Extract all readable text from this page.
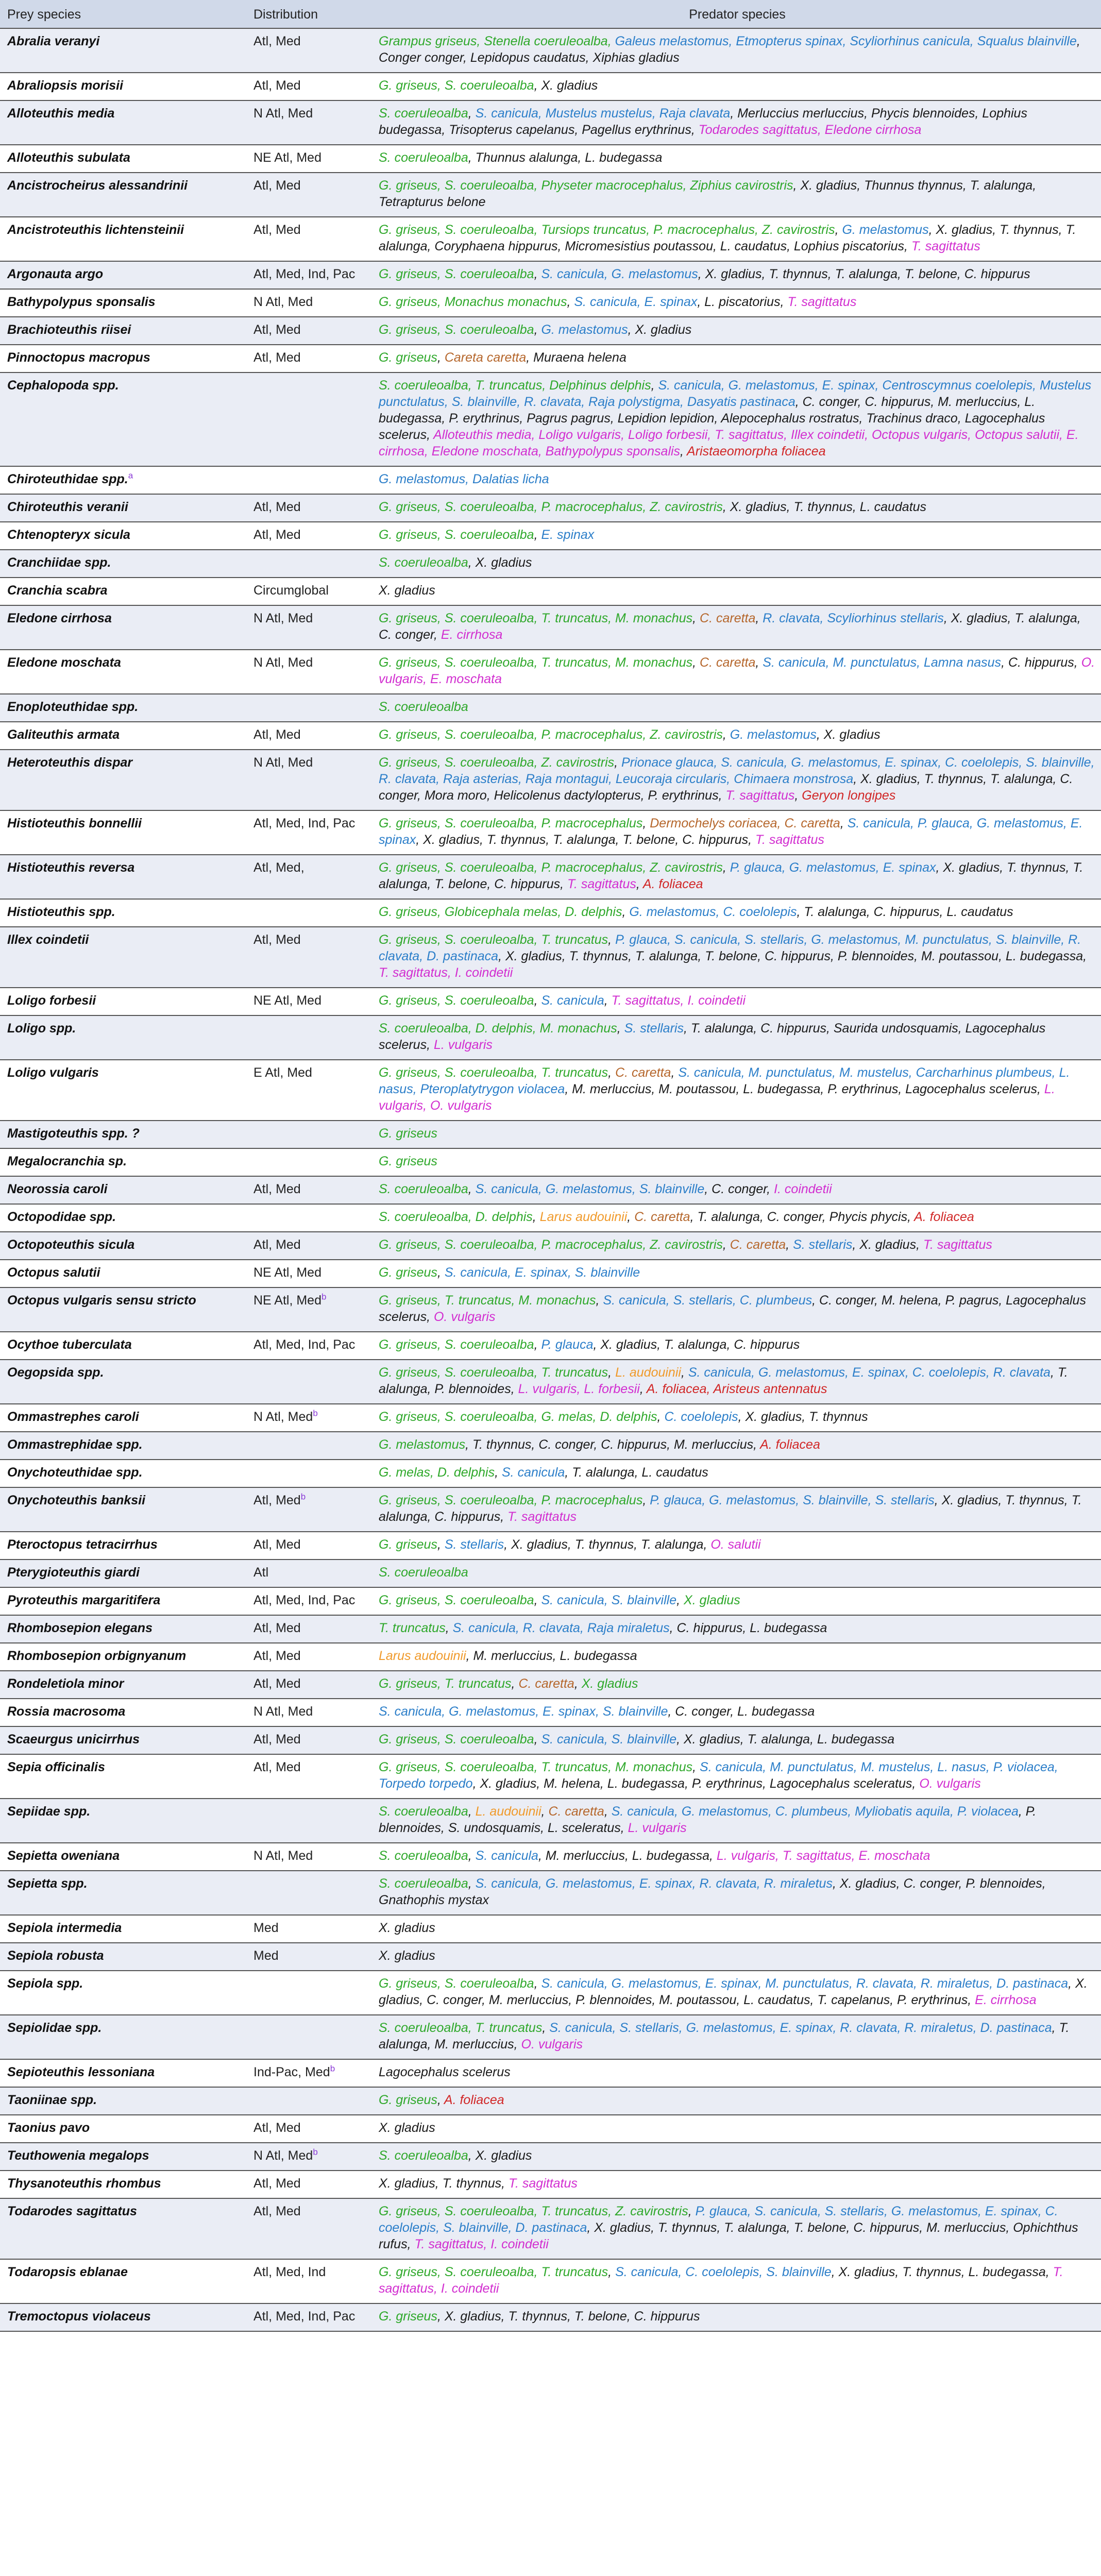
Prey species	Distribution	Predator species
Abralia veranyi	Atl, Med	Grampus griseus, Stenella coeruleoalba, Galeus melastomus, Etmopterus spinax, Scyliorhinus canicula, Squalus blainville, Conger conger, Lepidopus caudatus, Xiphias gladius
Abraliopsis morisii	Atl, Med	G. griseus, S. coeruleoalba, X. gladius
Alloteuthis media	N Atl, Med	S. coeruleoalba, S. canicula, Mustelus mustelus, Raja clavata, Merluccius merluccius, Phycis blennoides, Lophius budegassa, Trisopterus capelanus, Pagellus erythrinus, Todarodes sagittatus, Eledone cirrhosa
Alloteuthis subulata	NE Atl, Med	S. coeruleoalba, Thunnus alalunga, L. budegassa
Ancistrocheirus alessandrinii	Atl, Med	G. griseus, S. coeruleoalba, Physeter macrocephalus, Ziphius cavirostris, X. gladius, Thunnus thynnus, T. alalunga, Tetrapturus belone
Ancistroteuthis lichtensteinii	Atl, Med	G. griseus, S. coeruleoalba, Tursiops truncatus, P. macrocephalus, Z. cavirostris, G. melastomus, X. gladius, T. thynnus, T. alalunga, Coryphaena hippurus, Micromesistius poutassou, L. caudatus, Lophius piscatorius, T. sagittatus
Argonauta argo	Atl, Med, Ind, Pac	G. griseus, S. coeruleoalba, S. canicula, G. melastomus, X. gladius, T. thynnus, T. alalunga, T. belone, C. hippurus
Bathypolypus sponsalis	N Atl, Med	G. griseus, Monachus monachus, S. canicula, E. spinax, L. piscatorius, T. sagittatus
Brachioteuthis riisei	Atl, Med	G. griseus, S. coeruleoalba, G. melastomus, X. gladius
Pinnoctopus macropus	Atl, Med	G. griseus, Careta caretta, Muraena helena
Cephalopoda spp.		S. coeruleoalba, T. truncatus, Delphinus delphis, S. canicula, G. melastomus, E. spinax, Centroscymnus coelolepis, Mustelus punctulatus, S. blainville, R. clavata, Raja polystigma, Dasyatis pastinaca, C. conger, C. hippurus, M. merluccius, L. budegassa, P. erythrinus, Pagrus pagrus, Lepidion lepidion, Alepocephalus rostratus, Trachinus draco, Lagocephalus scelerus, Alloteuthis media, Loligo vulgaris, Loligo forbesii, T. sagittatus, Illex coindetii, Octopus vulgaris, Octopus salutii, E. cirrhosa, Eledone moschata, Bathypolypus sponsalis, Aristaeomorpha foliacea
Chiroteuthidae spp.$^a$		G. melastomus, Dalatias licha
Chiroteuthis veranii	Atl, Med	G. griseus, S. coeruleoalba, P. macrocephalus, Z. cavirostris, X. gladius, T. thynnus, L. caudatus
Chtenopteryx sicula	Atl, Med	G. griseus, S. coeruleoalba, E. spinax
Cranchiidae spp.		S. coeruleoalba, X. gladius
Cranchia scabra	Circumglobal	X. gladius
Eledone cirrhosa	N Atl, Med	G. griseus, S. coeruleoalba, T. truncatus, M. monachus, C. caretta, R. clavata, Scyliorhinus stellaris, X. gladius, T. alalunga, C. conger, E. cirrhosa
Eledone moschata	N Atl, Med	G. griseus, S. coeruleoalba, T. truncatus, M. monachus, C. caretta, S. canicula, M. punctulatus, Lamna nasus, C. hippurus, O. vulgaris, E. moschata
Enoploteuthidae spp.		S. coeruleoalba
Galiteuthis armata	Atl, Med	G. griseus, S. coeruleoalba, P. macrocephalus, Z. cavirostris, G. melastomus, X. gladius
Heteroteuthis dispar	N Atl, Med	G. griseus, S. coeruleoalba, Z. cavirostris, Prionace glauca, S. canicula, G. melastomus, E. spinax, C. coelolepis, S. blainville, R. clavata, Raja asterias, Raja montagui, Leucoraja circularis, Chimaera monstrosa, X. gladius, T. thynnus, T. alalunga, C. conger, Mora moro, Helicolenus dactylopterus, P. erythrinus, T. sagittatus, Geryon longipes
Histioteuthis bonnellii	Atl, Med, Ind, Pac	G. griseus, S. coeruleoalba, P. macrocephalus, Dermochelys coriacea, C. caretta, S. canicula, P. glauca, G. melastomus, E. spinax, X. gladius, T. thynnus, T. alalunga, T. belone, C. hippurus, T. sagittatus
Histioteuthis reversa	Atl, Med,	G. griseus, S. coeruleoalba, P. macrocephalus, Z. cavirostris, P. glauca, G. melastomus, E. spinax, X. gladius, T. thynnus, T. alalunga, T. belone, C. hippurus, T. sagittatus, A. foliacea
Histioteuthis spp.		G. griseus, Globicephala melas, D. delphis, G. melastomus, C. coelolepis, T. alalunga, C. hippurus, L. caudatus
Illex coindetii	Atl, Med	G. griseus, S. coeruleoalba, T. truncatus, P. glauca, S. canicula, S. stellaris, G. melastomus, M. punctulatus, S. blainville, R. clavata, D. pastinaca, X. gladius, T. thynnus, T. alalunga, T. belone, C. hippurus, P. blennoides, M. poutassou, L. budegassa, T. sagittatus, I. coindetii
Loligo forbesii	NE Atl, Med	G. griseus, S. coeruleoalba, S. canicula, T. sagittatus, I. coindetii
Loligo spp.		S. coeruleoalba, D. delphis, M. monachus, S. stellaris, T. alalunga, C. hippurus, Saurida undosquamis, Lagocephalus scelerus, L. vulgaris
Loligo vulgaris	E Atl, Med	G. griseus, S. coeruleoalba, T. truncatus, C. caretta, S. canicula, M. punctulatus, M. mustelus, Carcharhinus plumbeus, L. nasus, Pteroplatytrygon violacea, M. merluccius, M. poutassou, L. budegassa, P. erythrinus, Lagocephalus scelerus, L. vulgaris, O. vulgaris
Mastigoteuthis spp. ?		G. griseus
Megalocranchia sp.		G. griseus
Neorossia caroli	Atl, Med	S. coeruleoalba, S. canicula, G. melastomus, S. blainville, C. conger, I. coindetii
Octopodidae spp.		S. coeruleoalba, D. delphis, Larus audouinii, C. caretta, T. alalunga, C. conger, Phycis phycis, A. foliacea
Octopoteuthis sicula	Atl, Med	G. griseus, S. coeruleoalba, P. macrocephalus, Z. cavirostris, C. caretta, S. stellaris, X. gladius, T. sagittatus
Octopus salutii	NE Atl, Med	G. griseus, S. canicula, E. spinax, S. blainville
Octopus vulgaris sensu stricto	NE Atl, Med$^b$	G. griseus, T. truncatus, M. monachus, S. canicula, S. stellaris, C. plumbeus, C. conger, M. helena, P. pagrus, Lagocephalus scelerus, O. vulgaris
Ocythoe tuberculata	Atl, Med, Ind, Pac	G. griseus, S. coeruleoalba, P. glauca, X. gladius, T. alalunga, C. hippurus
Oegopsida spp.		G. griseus, S. coeruleoalba, T. truncatus, L. audouinii, S. canicula, G. melastomus, E. spinax, C. coelolepis, R. clavata, T. alalunga, P. blennoides, L. vulgaris, L. forbesii, A. foliacea, Aristeus antennatus
Ommastrephes caroli	N Atl, Med$^b$	G. griseus, S. coeruleoalba, G. melas, D. delphis, C. coelolepis, X. gladius, T. thynnus
Ommastrephidae spp.		G. melastomus, T. thynnus, C. conger, C. hippurus, M. merluccius, A. foliacea
Onychoteuthidae spp.		G. melas, D. delphis, S. canicula, T. alalunga, L. caudatus
Onychoteuthis banksii	Atl, Med$^b$	G. griseus, S. coeruleoalba, P. macrocephalus, P. glauca, G. melastomus, S. blainville, S. stellaris, X. gladius, T. thynnus, T. alalunga, C. hippurus, T. sagittatus
Pteroctopus tetracirrhus	Atl, Med	G. griseus, S. stellaris, X. gladius, T. thynnus, T. alalunga, O. salutii
Pterygioteuthis giardi	Atl	S. coeruleoalba
Pyroteuthis margaritifera	Atl, Med, Ind, Pac	G. griseus, S. coeruleoalba, S. canicula, S. blainville, X. gladius
Rhombosepion elegans	Atl, Med	T. truncatus, S. canicula, R. clavata, Raja miraletus, C. hippurus, L. budegassa
Rhombosepion orbignyanum	Atl, Med	Larus audouinii, M. merluccius, L. budegassa
Rondeletiola minor	Atl, Med	G. griseus, T. truncatus, C. caretta, X. gladius
Rossia macrosoma	N Atl, Med	S. canicula, G. melastomus, E. spinax, S. blainville, C. conger, L. budegassa
Scaeurgus unicirrhus	Atl, Med	G. griseus, S. coeruleoalba, S. canicula, S. blainville, X. gladius, T. alalunga, L. budegassa
Sepia officinalis	Atl, Med	G. griseus, S. coeruleoalba, T. truncatus, M. monachus, S. canicula, M. punctulatus, M. mustelus, L. nasus, P. violacea, Torpedo torpedo, X. gladius, M. helena, L. budegassa, P. erythrinus, Lagocephalus sceleratus, O. vulgaris
Sepiidae spp.		S. coeruleoalba, L. audouinii, C. caretta, S. canicula, G. melastomus, C. plumbeus, Myliobatis aquila, P. violacea, P. blennoides, S. undosquamis, L. sceleratus, L. vulgaris
Sepietta oweniana	N Atl, Med	S. coeruleoalba, S. canicula, M. merluccius, L. budegassa, L. vulgaris, T. sagittatus, E. moschata
Sepietta spp.		S. coeruleoalba, S. canicula, G. melastomus, E. spinax, R. clavata, R. miraletus, X. gladius, C. conger, P. blennoides, Gnathophis mystax
Sepiola intermedia	Med	X. gladius
Sepiola robusta	Med	X. gladius
Sepiola spp.		G. griseus, S. coeruleoalba, S. canicula, G. melastomus, E. spinax, M. punctulatus, R. clavata, R. miraletus, D. pastinaca, X. gladius, C. conger, M. merluccius, P. blennoides, M. poutassou, L. caudatus, T. capelanus, P. erythrinus, E. cirrhosa
Sepiolidae spp.		S. coeruleoalba, T. truncatus, S. canicula, S. stellaris, G. melastomus, E. spinax, R. clavata, R. miraletus, D. pastinaca, T. alalunga, M. merluccius, O. vulgaris
Sepioteuthis lessoniana	Ind-Pac, Med$^b$	Lagocephalus scelerus
Taoniinae spp.		G. griseus, A. foliacea
Taonius pavo	Atl, Med	X. gladius
Teuthowenia megalops	N Atl, Med$^b$	S. coeruleoalba, X. gladius
Thysanoteuthis rhombus	Atl, Med	X. gladius, T. thynnus, T. sagittatus
Todarodes sagittatus	Atl, Med	G. griseus, S. coeruleoalba, T. truncatus, Z. cavirostris, P. glauca, S. canicula, S. stellaris, G. melastomus, E. spinax, C. coelolepis, S. blainville, D. pastinaca, X. gladius, T. thynnus, T. alalunga, T. belone, C. hippurus, M. merluccius, Ophichthus rufus, T. sagittatus, I. coindetii
Todaropsis eblanae	Atl, Med, Ind	G. griseus, S. coeruleoalba, T. truncatus, S. canicula, C. coelolepis, S. blainville, X. gladius, T. thynnus, L. budegassa, T. sagittatus, I. coindetii
Tremoctopus violaceus	Atl, Med, Ind, Pac	G. griseus, X. gladius, T. thynnus, T. belone, C. hippurus
